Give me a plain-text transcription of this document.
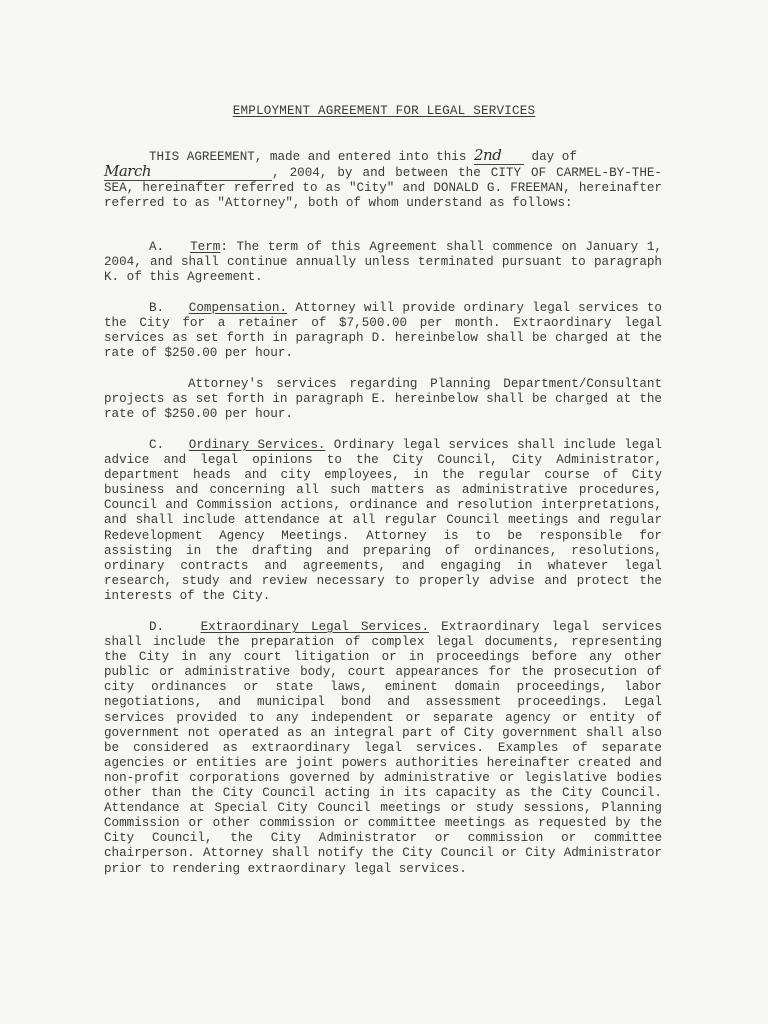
EMPLOYMENT AGREEMENT FOR LEGAL SERVICES

THIS AGREEMENT, made and entered into this 2nd day of
March	, 2004, by and between the CITY OF CARMEL-BY-THE-SEA, hereinafter referred to as "City" and DONALD G. FREEMAN, hereinafter referred to as "Attorney", both of whom understand as follows:

A. Term: The term of this Agreement shall commence on January 1, 2004, and shall continue annually unless terminated pursuant to paragraph K. of this Agreement.

B. Compensation. Attorney will provide ordinary legal services to the City for a retainer of $7,500.00 per month. Extraordinary legal services as set forth in paragraph D. hereinbelow shall be charged at the rate of $250.00 per hour.

Attorney's services regarding Planning Department/Consultant projects as set forth in paragraph E. hereinbelow shall be charged at the rate of $250.00 per hour.

C. Ordinary Services. Ordinary legal services shall include legal advice and legal opinions to the City Council, City Administrator, department heads and city employees, in the regular course of City business and concerning all such matters as administrative procedures, Council and Commission actions, ordinance and resolution interpretations, and shall include attendance at all regular Council meetings and regular Redevelopment Agency Meetings. Attorney is to be responsible for assisting in the drafting and preparing of ordinances, resolutions, ordinary contracts and agreements, and engaging in whatever legal research, study and review necessary to properly advise and protect the interests of the City.

D.	Extraordinary Legal Services. Extraordinary legal services shall include the preparation of complex legal documents, representing the City in any court litigation or in proceedings before any other public or administrative body, court appearances for the prosecution of city ordinances or state laws, eminent domain proceedings, labor negotiations, and municipal bond and assessment proceedings. Legal services provided to any independent or separate agency or entity of government not operated as an integral part of City government shall also be considered as extraordinary legal services. Examples of separate agencies or entities are joint powers authorities hereinafter created and non-profit corporations governed by administrative or legislative bodies other than the City Council acting in its capacity as the City Council. Attendance at Special City Council meetings or study sessions, Planning Commission or other commission or committee meetings as requested by the City Council, the City Administrator or commission or committee chairperson. Attorney shall notify the City Council or City Administrator prior to rendering extraordinary legal services.
